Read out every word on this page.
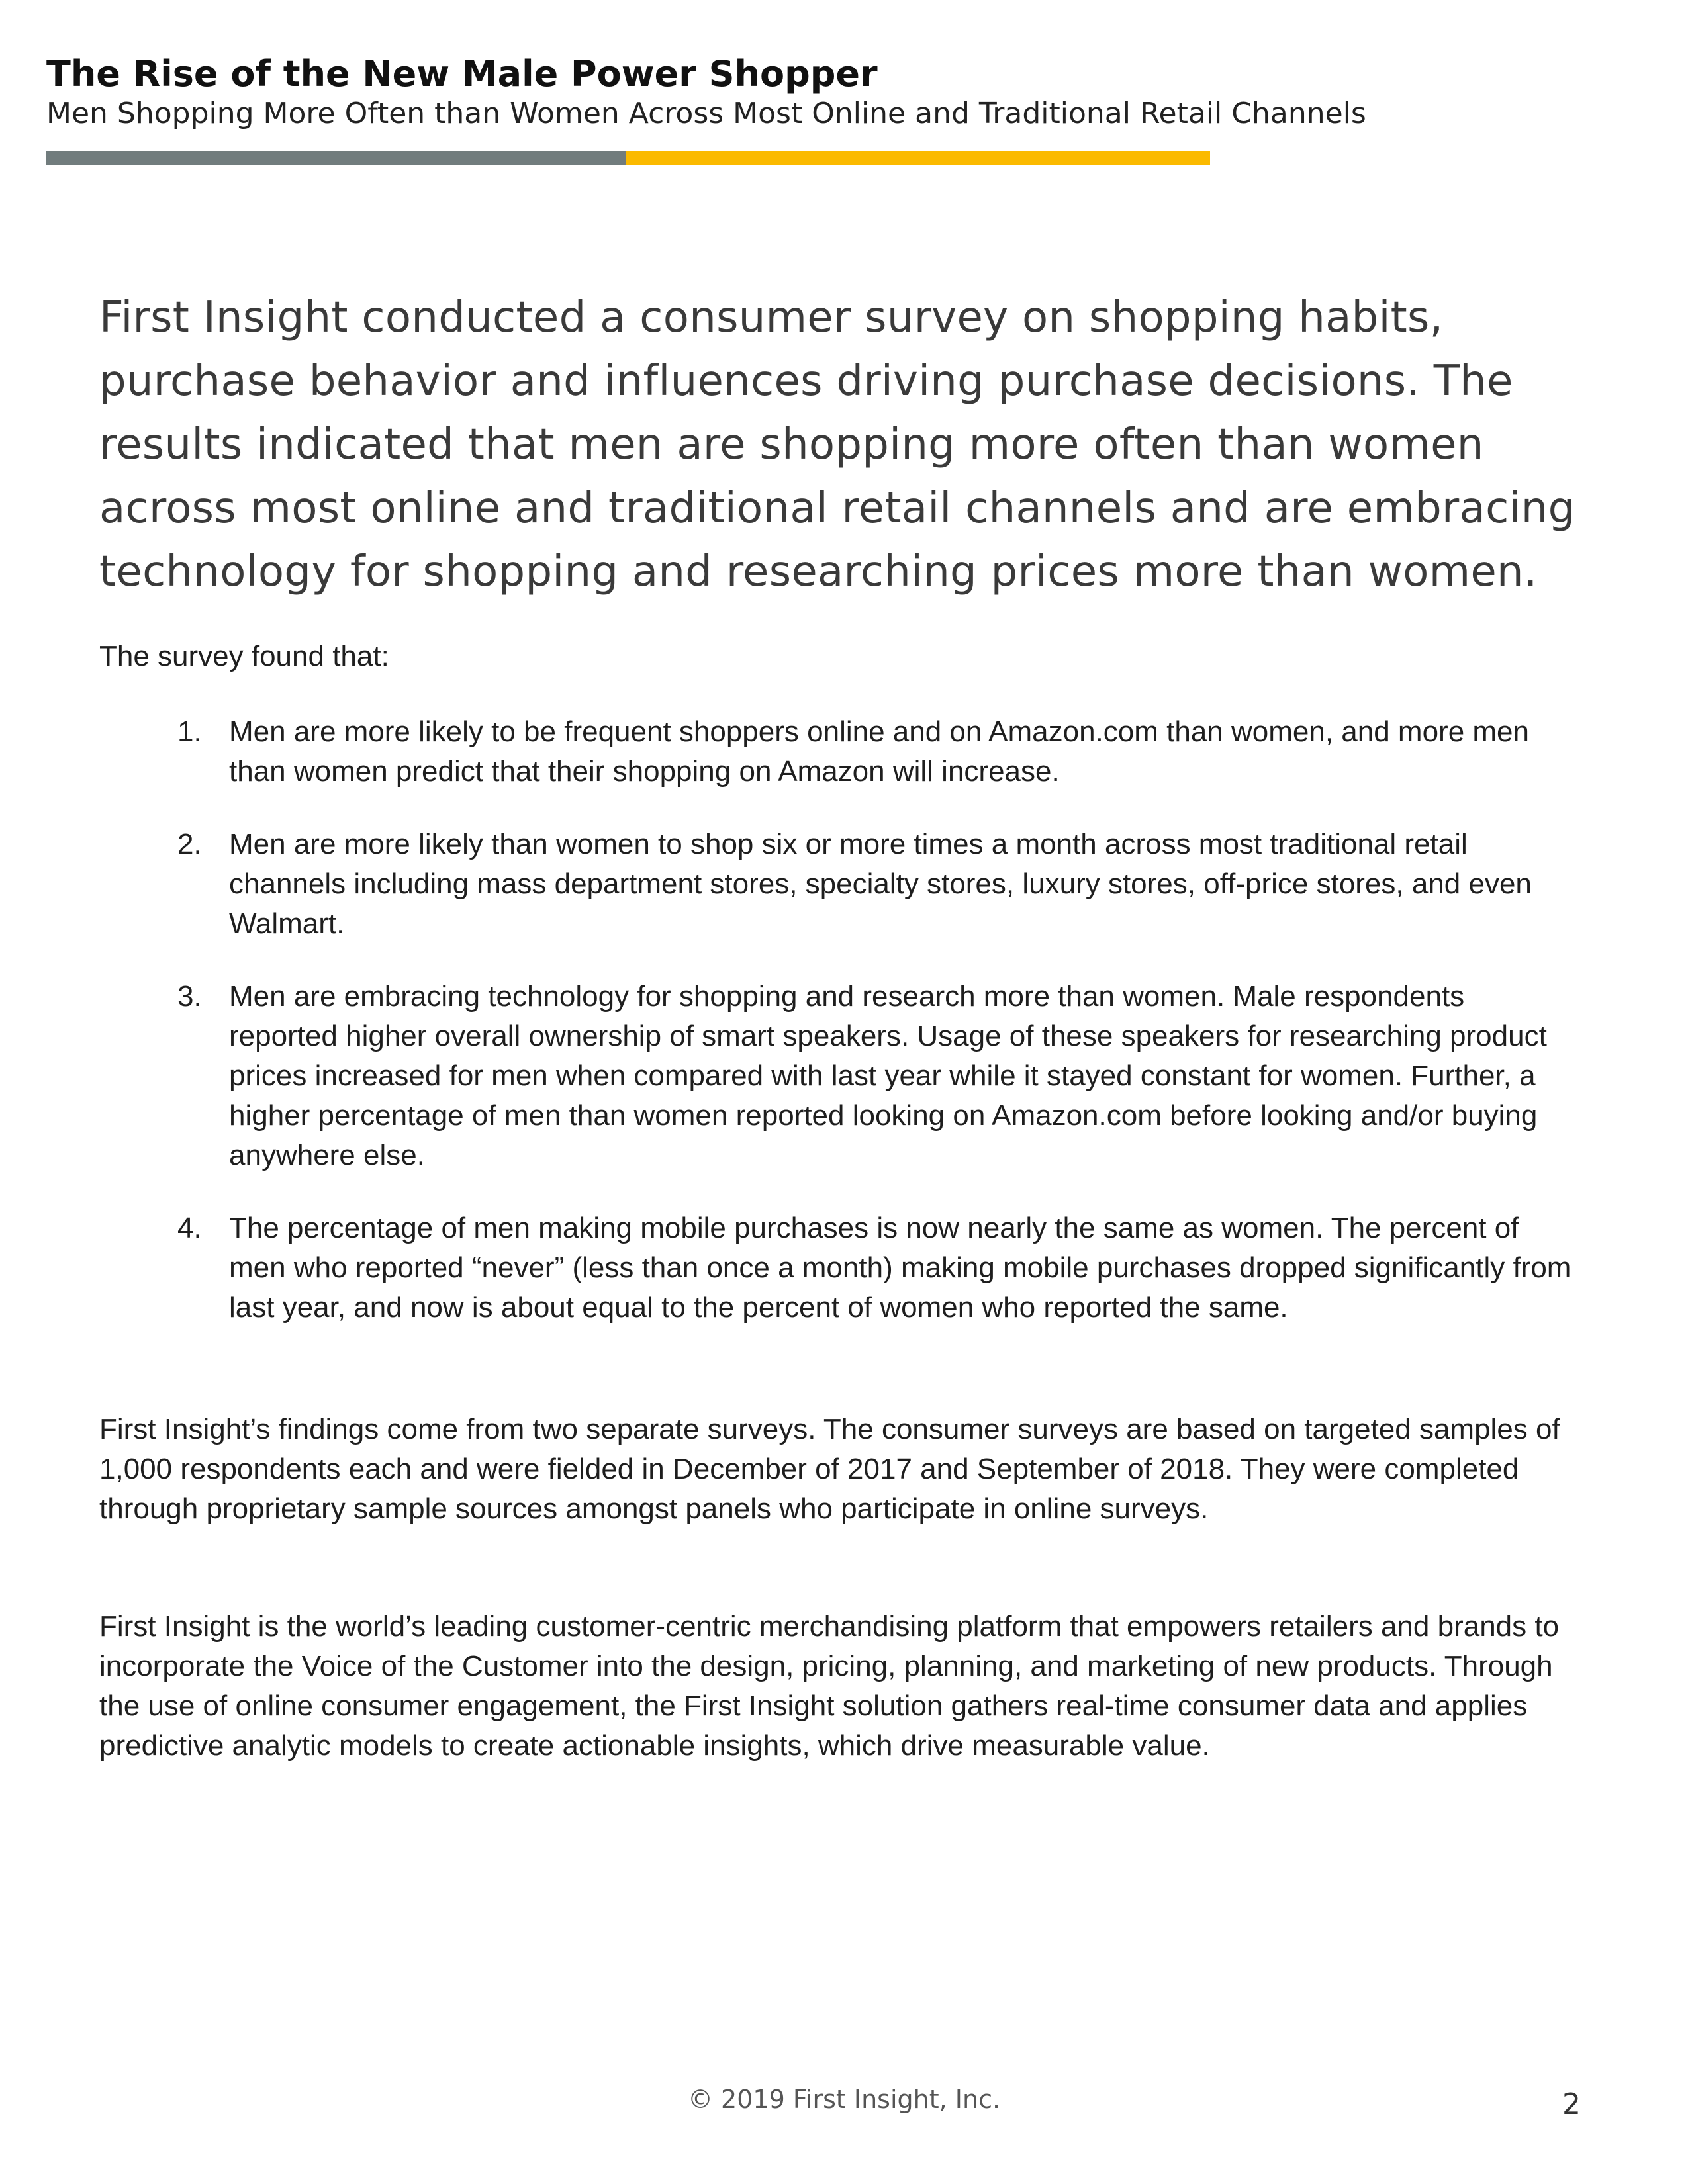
The Rise of the New Male Power Shopper
Men Shopping More Often than Women Across Most Online and Traditional Retail Channels
First Insight conducted a consumer survey on shopping habits, purchase behavior and influences driving purchase decisions. The results indicated that men are shopping more often than women across most online and traditional retail channels and are embracing technology for shopping and researching prices more than women.
The survey found that:
1. Men are more likely to be frequent shoppers online and on Amazon.com than women, and more men than women predict that their shopping on Amazon will increase.
2. Men are more likely than women to shop six or more times a month across most traditional retail channels including mass department stores, specialty stores, luxury stores, off-price stores, and even Walmart.
3. Men are embracing technology for shopping and research more than women. Male respondents reported higher overall ownership of smart speakers. Usage of these speakers for researching product prices increased for men when compared with last year while it stayed constant for women. Further, a higher percentage of men than women reported looking on Amazon.com before looking and/or buying anywhere else.
4. The percentage of men making mobile purchases is now nearly the same as women. The percent of men who reported “never” (less than once a month) making mobile purchases dropped significantly from last year, and now is about equal to the percent of women who reported the same.
First Insight’s findings come from two separate surveys. The consumer surveys are based on targeted samples of 1,000 respondents each and were fielded in December of 2017 and September of 2018. They were completed through proprietary sample sources amongst panels who participate in online surveys.
First Insight is the world’s leading customer-centric merchandising platform that empowers retailers and brands to incorporate the Voice of the Customer into the design, pricing, planning, and marketing of new products. Through the use of online consumer engagement, the First Insight solution gathers real-time consumer data and applies predictive analytic models to create actionable insights, which drive measurable value.
© 2019 First Insight, Inc.	2
